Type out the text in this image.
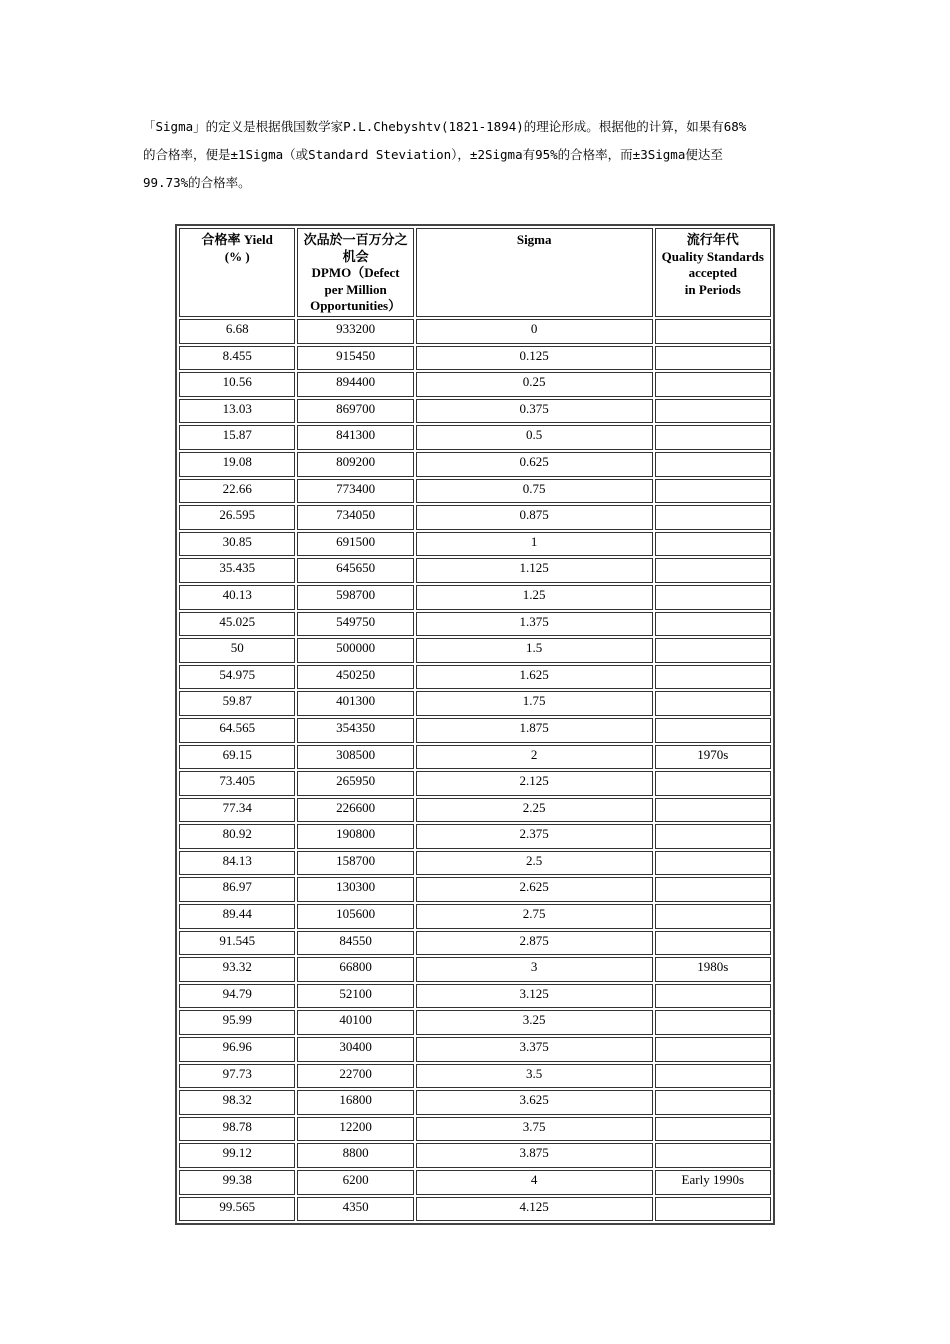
「Sigma」的定义是根据俄国数学家P.L.Chebyshtv(1821-1894)的理论形成。根据他的计算，如果有68%

的合格率，便是±1Sigma（或Standard Steviation），±2Sigma有95%的合格率，而±3Sigma便达至

99.73%的合格率。

合格率 Yield
(% )	次品於一百万分之
机会
DPMO（Defect
per Million
Opportunities）	Sigma	流行年代
Quality Standards
accepted
in Periods

6.68	933200	0	
8.455	915450	0.125	
10.56	894400	0.25	
13.03	869700	0.375	
15.87	841300	0.5	
19.08	809200	0.625	
22.66	773400	0.75	
26.595	734050	0.875	
30.85	691500	1	
35.435	645650	1.125	
40.13	598700	1.25	
45.025	549750	1.375	
50	500000	1.5	
54.975	450250	1.625	
59.87	401300	1.75	
64.565	354350	1.875	
69.15	308500	2	1970s
73.405	265950	2.125	
77.34	226600	2.25	
80.92	190800	2.375	
84.13	158700	2.5	
86.97	130300	2.625	
89.44	105600	2.75	
91.545	84550	2.875	
93.32	66800	3	1980s
94.79	52100	3.125	
95.99	40100	3.25	
96.96	30400	3.375	
97.73	22700	3.5	
98.32	16800	3.625	
98.78	12200	3.75	
99.12	8800	3.875	
99.38	6200	4	Early 1990s
99.565	4350	4.125	
